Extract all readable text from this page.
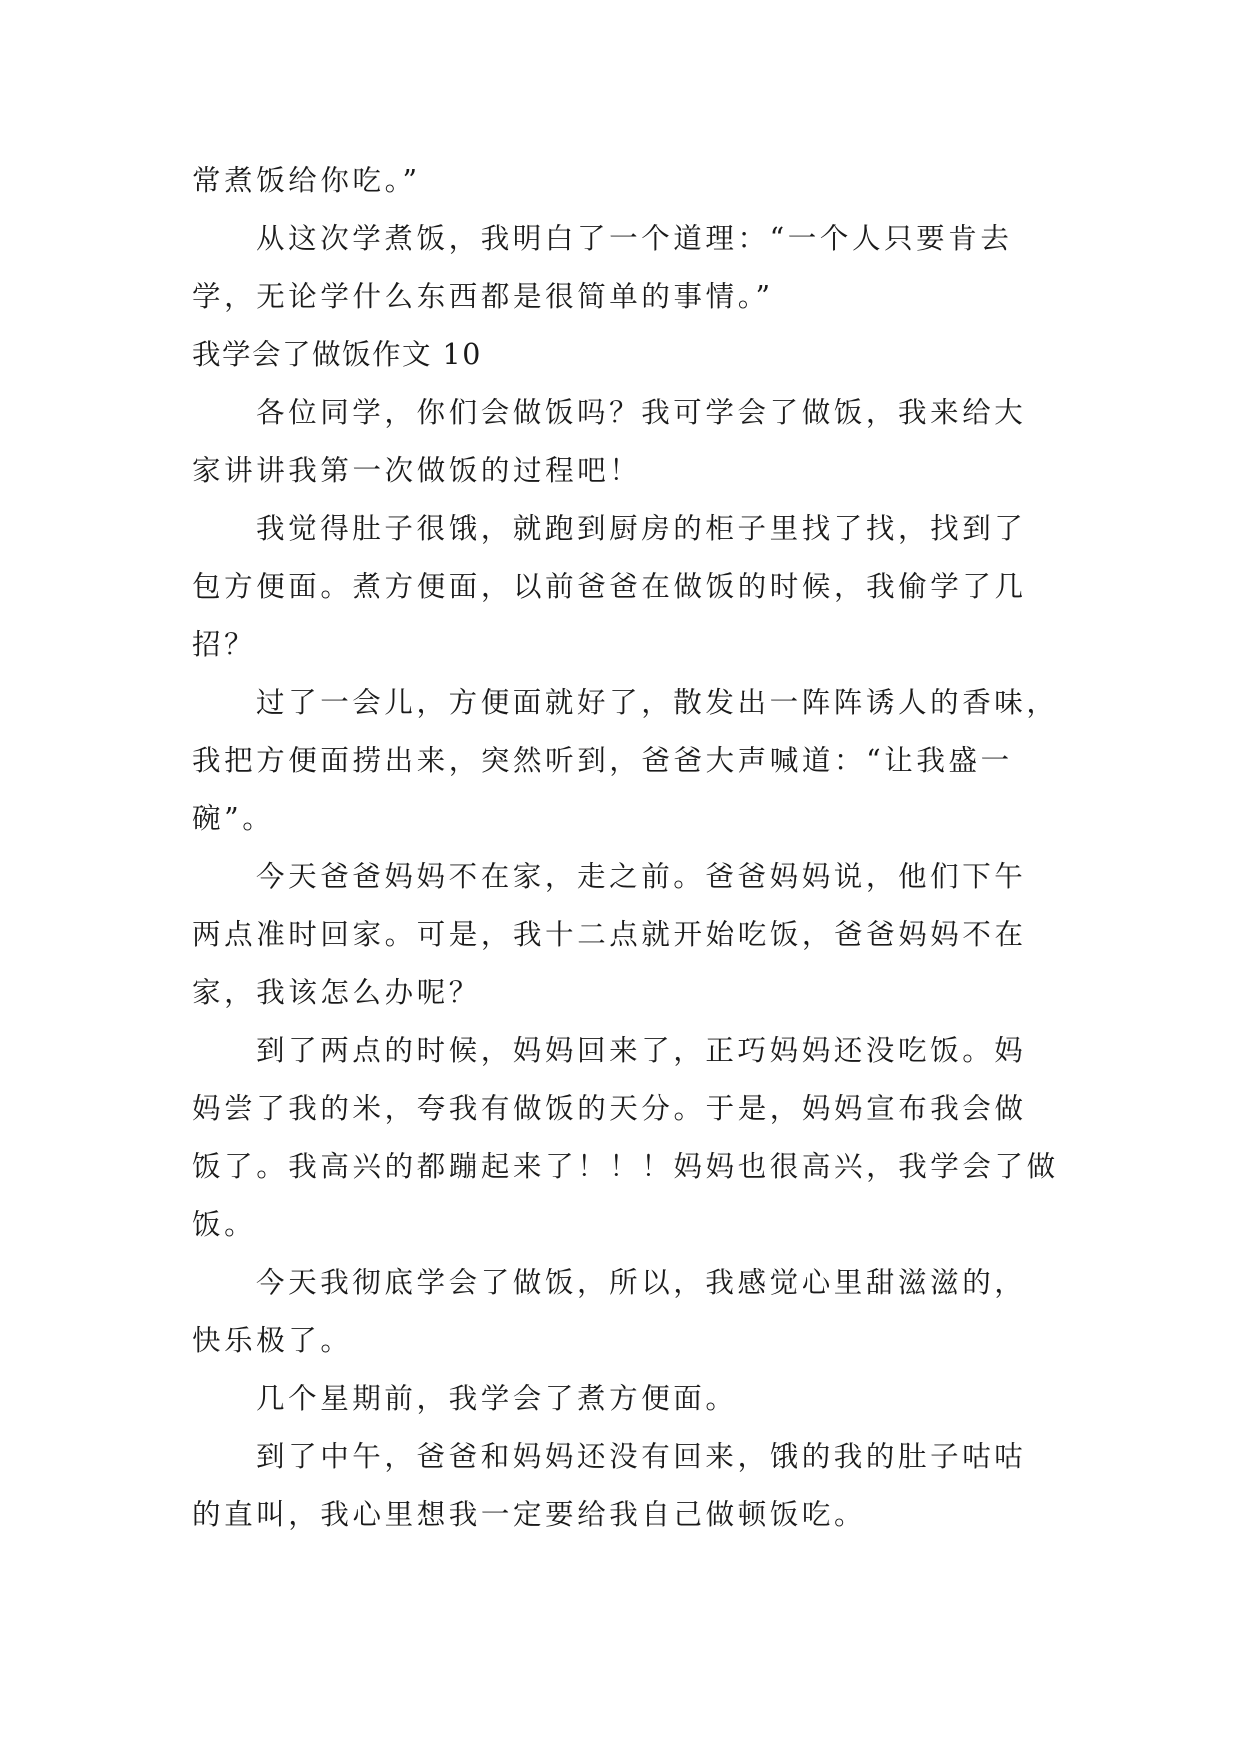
常煮饭给你吃。”
从这次学煮饭，我明白了一个道理：“一个人只要肯去
学，无论学什么东西都是很简单的事情。”
我学会了做饭作文 10
各位同学，你们会做饭吗？我可学会了做饭，我来给大
家讲讲我第一次做饭的过程吧！
我觉得肚子很饿，就跑到厨房的柜子里找了找，找到了
包方便面。煮方便面，以前爸爸在做饭的时候，我偷学了几
招？
过了一会儿，方便面就好了，散发出一阵阵诱人的香味，
我把方便面捞出来，突然听到，爸爸大声喊道：“让我盛一
碗”。
今天爸爸妈妈不在家，走之前。爸爸妈妈说，他们下午
两点准时回家。可是，我十二点就开始吃饭，爸爸妈妈不在
家，我该怎么办呢？
到了两点的时候，妈妈回来了，正巧妈妈还没吃饭。妈
妈尝了我的米，夸我有做饭的天分。于是，妈妈宣布我会做
饭了。我高兴的都蹦起来了！！！妈妈也很高兴，我学会了做
饭。
今天我彻底学会了做饭，所以，我感觉心里甜滋滋的，
快乐极了。
几个星期前，我学会了煮方便面。
到了中午，爸爸和妈妈还没有回来，饿的我的肚子咕咕
的直叫，我心里想我一定要给我自己做顿饭吃。
